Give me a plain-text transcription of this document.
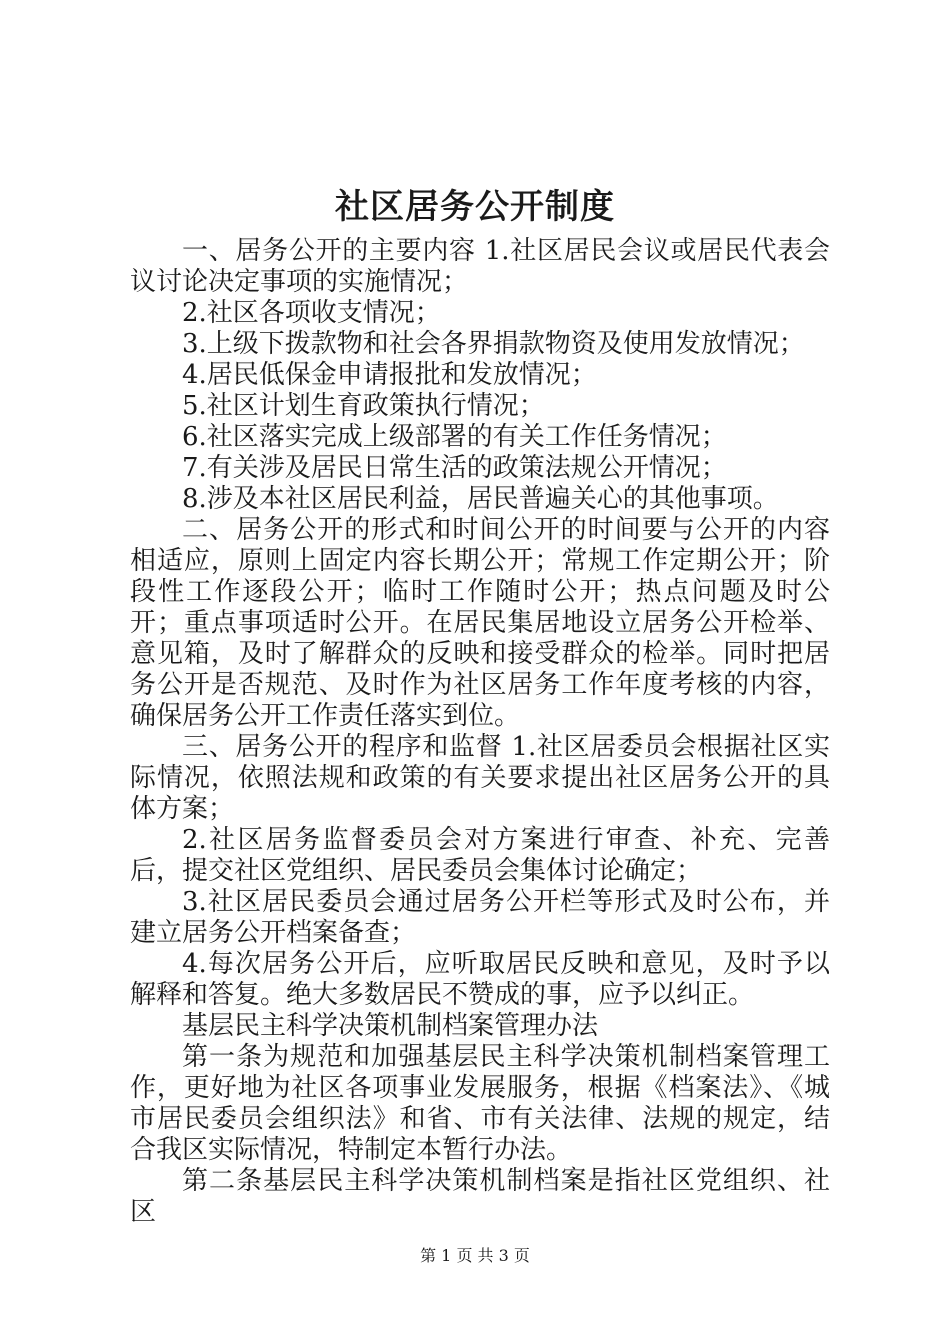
社区居务公开制度

一、居务公开的主要内容 1.社区居民会议或居民代表会议讨论决定事项的实施情况；

2.社区各项收支情况；

3.上级下拨款物和社会各界捐款物资及使用发放情况；

4.居民低保金申请报批和发放情况；

5.社区计划生育政策执行情况；

6.社区落实完成上级部署的有关工作任务情况；

7.有关涉及居民日常生活的政策法规公开情况；

8.涉及本社区居民利益，居民普遍关心的其他事项。

二、居务公开的形式和时间公开的时间要与公开的内容相适应，原则上固定内容长期公开；常规工作定期公开；阶段性工作逐段公开；临时工作随时公开；热点问题及时公开；重点事项适时公开。在居民集居地设立居务公开检举、意见箱，及时了解群众的反映和接受群众的检举。同时把居务公开是否规范、及时作为社区居务工作年度考核的内容，确保居务公开工作责任落实到位。

三、居务公开的程序和监督 1.社区居委员会根据社区实际情况，依照法规和政策的有关要求提出社区居务公开的具体方案；

2.社区居务监督委员会对方案进行审查、补充、完善后，提交社区党组织、居民委员会集体讨论确定；

3.社区居民委员会通过居务公开栏等形式及时公布，并建立居务公开档案备查；

4.每次居务公开后，应听取居民反映和意见，及时予以解释和答复。绝大多数居民不赞成的事，应予以纠正。

基层民主科学决策机制档案管理办法

第一条为规范和加强基层民主科学决策机制档案管理工作，更好地为社区各项事业发展服务，根据《档案法》、《城市居民委员会组织法》和省、市有关法律、法规的规定，结合我区实际情况，特制定本暂行办法。

第二条基层民主科学决策机制档案是指社区党组织、社区

第 1 页 共 3 页
